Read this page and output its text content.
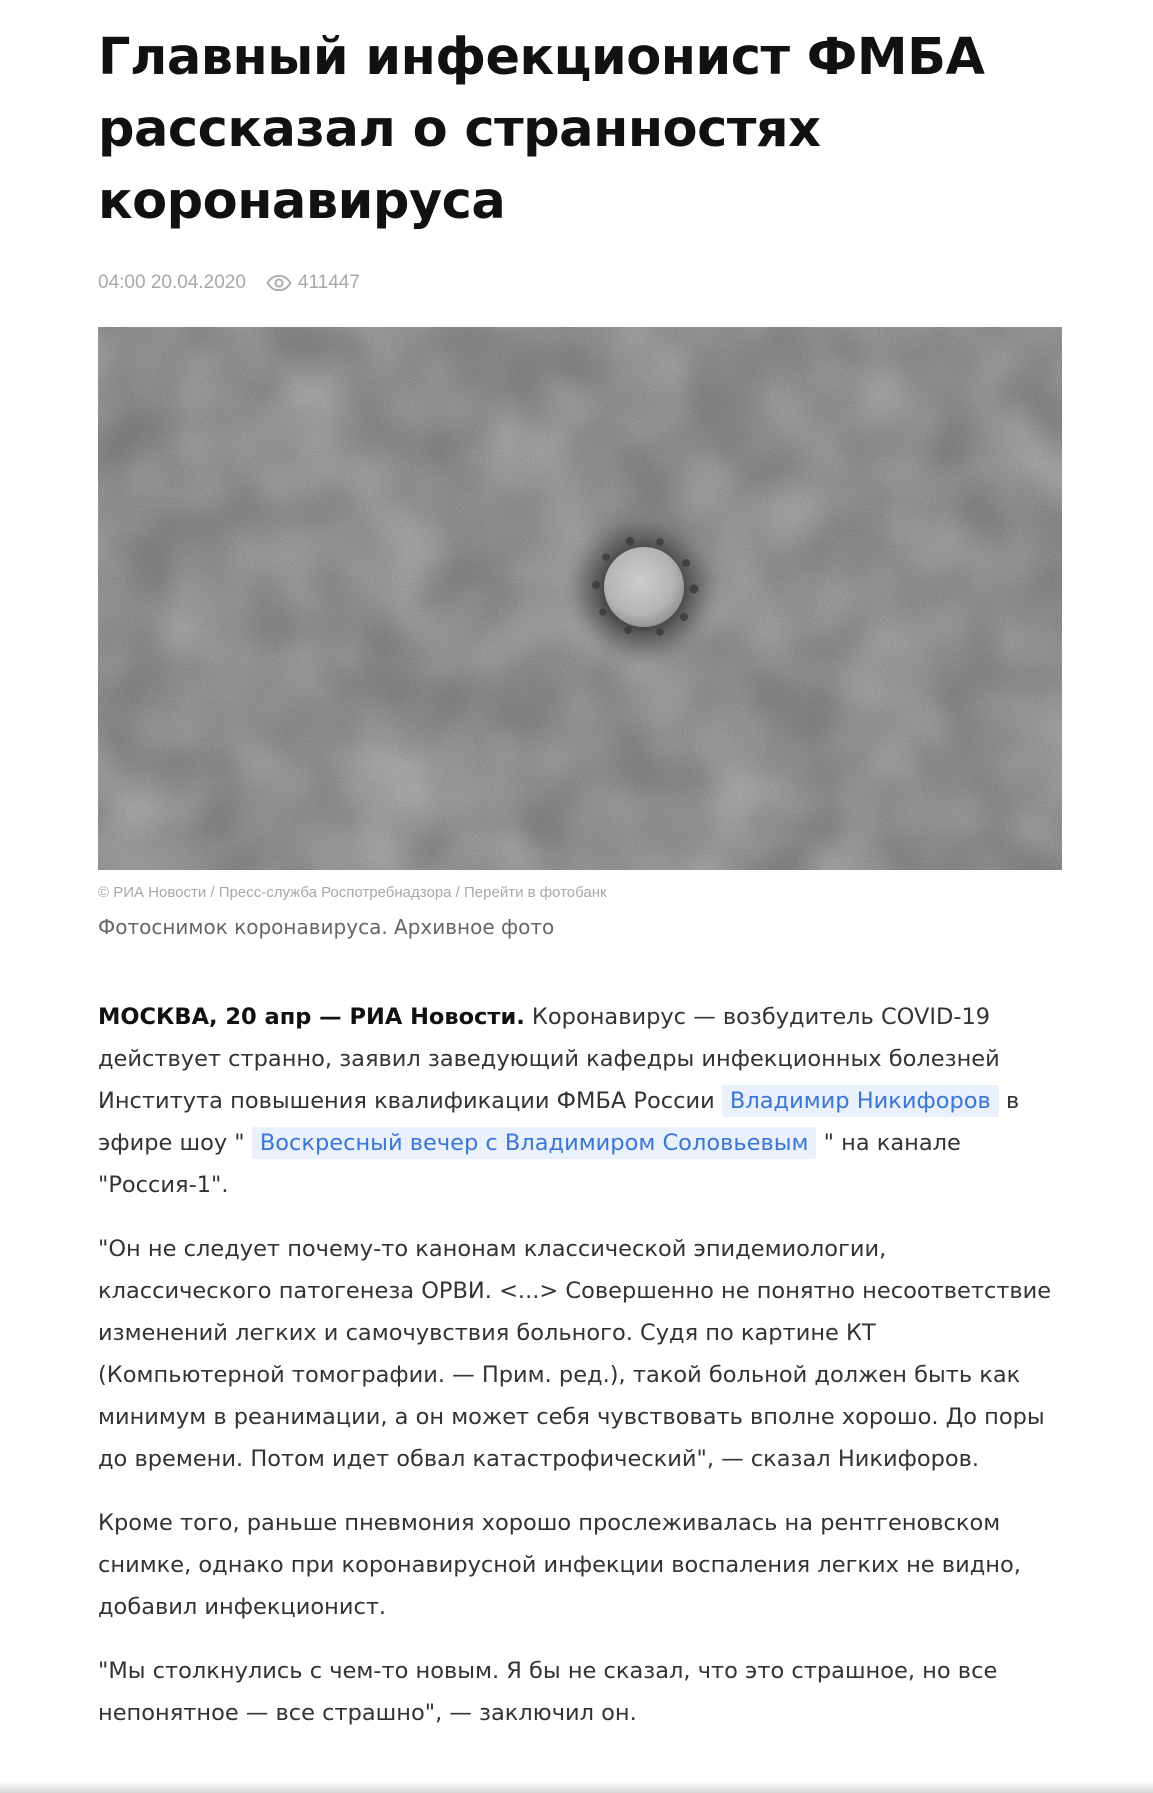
Главный инфекционист ФМБА рассказал о странностях коронавируса
04:00 20.04.2020	411447
© РИА Новости / Пресс-служба Роспотребнадзора / Перейти в фотобанк
Фотоснимок коронавируса. Архивное фото

МОСКВА, 20 апр — РИА Новости. Коронавирус — возбудитель COVID-19 действует странно, заявил заведующий кафедры инфекционных болезней Института повышения квалификации ФМБА России Владимир Никифоров в эфире шоу " Воскресный вечер с Владимиром Соловьевым " на канале "Россия-1".

"Он не следует почему-то канонам классической эпидемиологии, классического патогенеза ОРВИ. <...> Совершенно не понятно несоответствие изменений легких и самочувствия больного. Судя по картине КТ (Компьютерной томографии. — Прим. ред.), такой больной должен быть как минимум в реанимации, а он может себя чувствовать вполне хорошо. До поры до времени. Потом идет обвал катастрофический", — сказал Никифоров.

Кроме того, раньше пневмония хорошо прослеживалась на рентгеновском снимке, однако при коронавирусной инфекции воспаления легких не видно, добавил инфекционист.

"Мы столкнулись с чем-то новым. Я бы не сказал, что это страшное, но все непонятное — все страшно", — заключил он.
